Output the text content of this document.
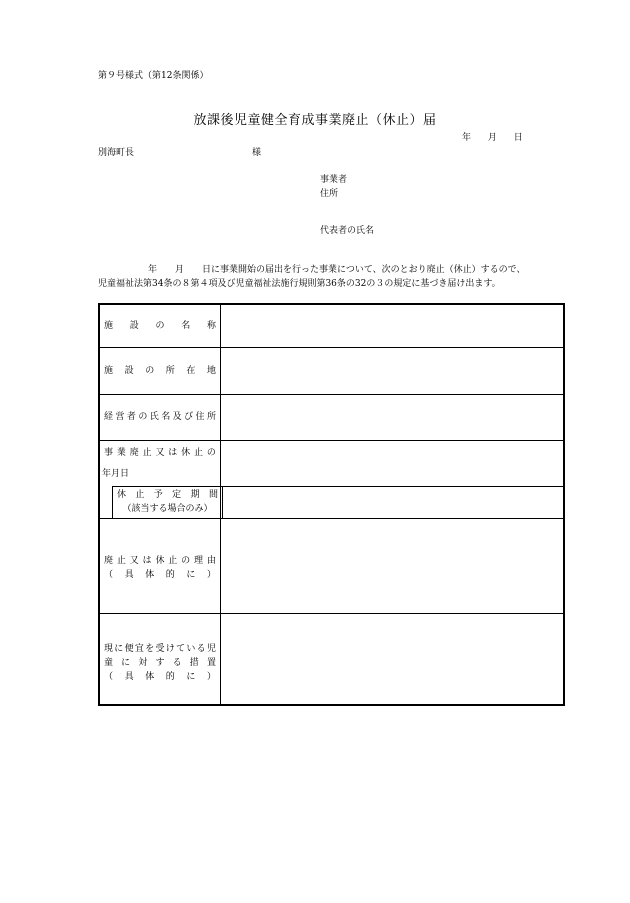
第９号様式（第12条関係）
放課後児童健全育成事業廃止（休止）届
年 月 日
別海町長	様
事業者
住所
代表者の氏名
年　　月　　日に事業開始の届出を行った事業について、次のとおり廃止（休止）するので、
児童福祉法第34条の８第４項及び児童福祉法施行規則第36条の32の３の規定に基づき届け出ます。
施 設 の 名 称
施 設 の 所 在 地
経 営 者 の 氏 名 及 び 住 所
事 業 廃 止 又 は 休 止 の
年月日
休 止 予 定 期 間
（該当する場合のみ）
廃 止 又 は 休 止 の 理 由
（ 具 体 的 に ）
現 に 便 宜 を 受 け て い る 児
童 に 対 す る 措 置
（ 具 体 的 に ）
